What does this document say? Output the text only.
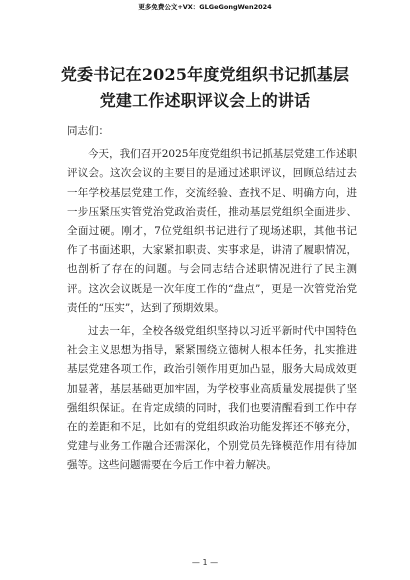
更多免费公文+VX：GLGeGongWen2024
党委书记在2025年度党组织书记抓基层
党建工作述职评议会上的讲话

同志们：

今天，我们召开2025年度党组织书记抓基层党建工作述职评议会。这次会议的主要目的是通过述职评议，回顾总结过去一年学校基层党建工作，交流经验、查找不足、明确方向，进一步压紧压实管党治党政治责任，推动基层党组织全面进步、全面过硬。刚才，7位党组织书记进行了现场述职，其他书记作了书面述职，大家紧扣职责、实事求是，讲清了履职情况，也剖析了存在的问题。与会同志结合述职情况进行了民主测评。这次会议既是一次年度工作的“盘点”，更是一次管党治党责任的“压实”，达到了预期效果。

过去一年，全校各级党组织坚持以习近平新时代中国特色社会主义思想为指导，紧紧围绕立德树人根本任务，扎实推进基层党建各项工作，政治引领作用更加凸显，服务大局成效更加显著，基层基础更加牢固，为学校事业高质量发展提供了坚强组织保证。在肯定成绩的同时，我们也要清醒看到工作中存在的差距和不足，比如有的党组织政治功能发挥还不够充分，党建与业务工作融合还需深化，个别党员先锋模范作用有待加强等。这些问题需要在今后工作中着力解决。

— 1 —
